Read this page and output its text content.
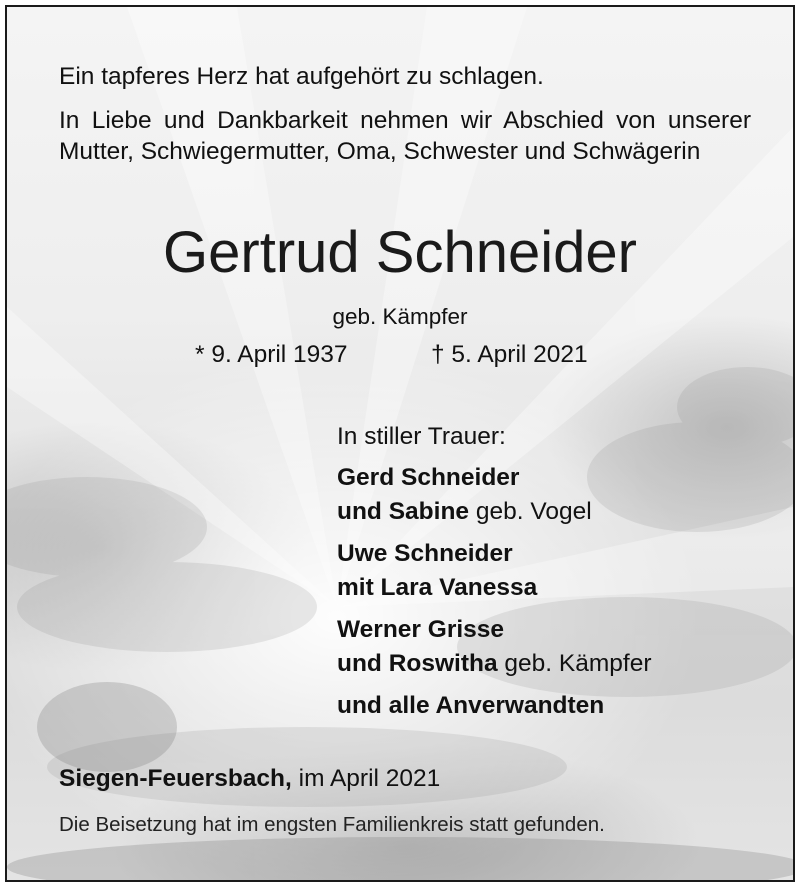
Ein tapferes Herz hat aufgehört zu schlagen.
In Liebe und Dankbarkeit nehmen wir Abschied von unserer Mutter, Schwiegermutter, Oma, Schwester und Schwägerin
Gertrud Schneider
geb. Kämpfer
* 9. April 1937	† 5. April 2021
In stiller Trauer:
Gerd Schneider
und Sabine geb. Vogel
Uwe Schneider
mit Lara Vanessa
Werner Grisse
und Roswitha geb. Kämpfer
und alle Anverwandten
Siegen-Feuersbach, im April 2021
Die Beisetzung hat im engsten Familienkreis statt gefunden.
